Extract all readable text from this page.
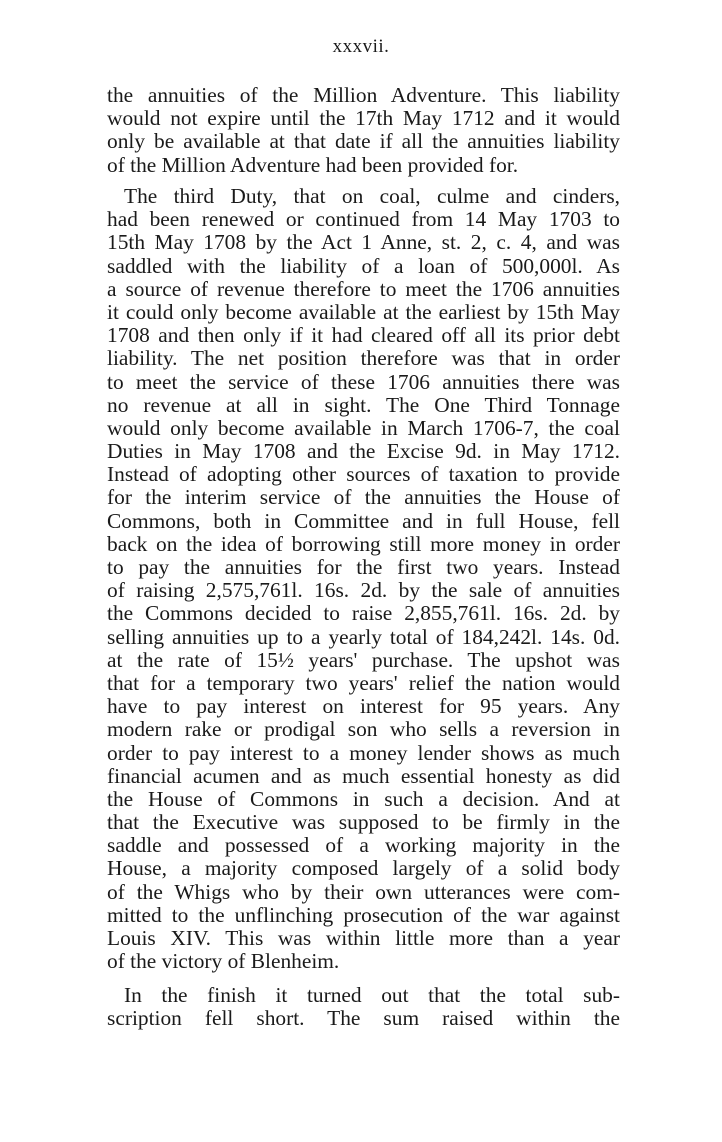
xxxvii.
the annuities of the Million Adventure. This liability
would not expire until the 17th May 1712 and it would
only be available at that date if all the annuities liability
of the Million Adventure had been provided for.
The third Duty, that on coal, culme and cinders,
had been renewed or continued from 14 May 1703 to
15th May 1708 by the Act 1 Anne, st. 2, c. 4, and was
saddled with the liability of a loan of 500,000l. As
a source of revenue therefore to meet the 1706 annuities
it could only become available at the earliest by 15th May
1708 and then only if it had cleared off all its prior debt
liability. The net position therefore was that in order
to meet the service of these 1706 annuities there was
no revenue at all in sight. The One Third Tonnage
would only become available in March 1706-7, the coal
Duties in May 1708 and the Excise 9d. in May 1712.
Instead of adopting other sources of taxation to provide
for the interim service of the annuities the House of
Commons, both in Committee and in full House, fell
back on the idea of borrowing still more money in order
to pay the annuities for the first two years. Instead
of raising 2,575,761l. 16s. 2d. by the sale of annuities
the Commons decided to raise 2,855,761l. 16s. 2d. by
selling annuities up to a yearly total of 184,242l. 14s. 0d.
at the rate of 15½ years' purchase. The upshot was
that for a temporary two years' relief the nation would
have to pay interest on interest for 95 years. Any
modern rake or prodigal son who sells a reversion in
order to pay interest to a money lender shows as much
financial acumen and as much essential honesty as did
the House of Commons in such a decision. And at
that the Executive was supposed to be firmly in the
saddle and possessed of a working majority in the
House, a majority composed largely of a solid body
of the Whigs who by their own utterances were com-
mitted to the unflinching prosecution of the war against
Louis XIV. This was within little more than a year
of the victory of Blenheim.
In the finish it turned out that the total sub-
scription fell short. The sum raised within the
